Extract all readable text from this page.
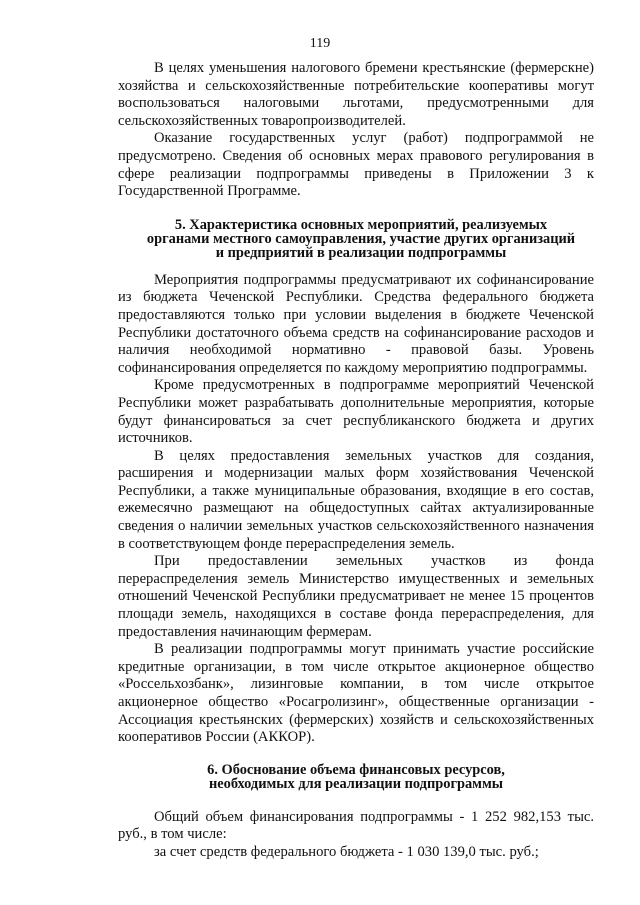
119

В целях уменьшения налогового бремени крестьянские (фермерскне) хозяйства и сельскохозяйственные потребительские кооперативы могут воспользоваться налоговыми льготами, предусмотренными для сельскохозяйственных товаропроизводителей.

Оказание государственных услуг (работ) подпрограммой не предусмотрено. Сведения об основных мерах правового регулирования в сфере реализации подпрограммы приведены в Приложении 3 к Государственной Программе.

5. Характеристика основных мероприятий, реализуемых
органами местного самоуправления, участие других организаций
и предприятий в реализации подпрограммы

Мероприятия подпрограммы предусматривают их софинансирование из бюджета Чеченской Республики. Средства федерального бюджета предоставляются только при условии выделения в бюджете Чеченской Республики достаточного объема средств на софинансирование расходов и наличия необходимой нормативно - правовой базы. Уровень софинансирования определяется по каждому мероприятию подпрограммы.

Кроме предусмотренных в подпрограмме мероприятий Чеченской Республики может разрабатывать дополнительные мероприятия, которые будут финансироваться за счет республиканского бюджета и других источников.

В целях предоставления земельных участков для создания, расширения и модернизации малых форм хозяйствования Чеченской Республики, а также муниципальные образования, входящие в его состав, ежемесячно размещают на общедоступных сайтах актуализированные сведения о наличии земельных участков сельскохозяйственного назначения в соответствующем фонде перераспределения земель.

При предоставлении земельных участков из фонда перераспределения земель Министерство имущественных и земельных отношений Чеченской Республики предусматривает не менее 15 процентов площади земель, находящихся в составе фонда перераспределения, для предоставления начинающим фермерам.

В реализации подпрограммы могут принимать участие российские кредитные организации, в том числе открытое акционерное общество «Россельхозбанк», лизинговые компании, в том числе открытое акционерное общество «Росагролизинг», общественные организации - Ассоциация крестьянских (фермерских) хозяйств и сельскохозяйственных кооперативов России (АККОР).

6. Обоснование объема финансовых ресурсов,
необходимых для реализации подпрограммы

Общий объем финансирования подпрограммы - 1 252 982,153 тыс. руб., в том числе:

за счет средств федерального бюджета - 1 030 139,0 тыс. руб.;
